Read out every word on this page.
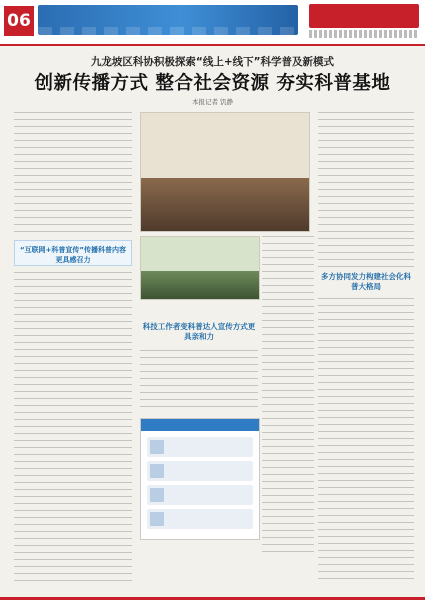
06
九龙坡区科协积极探索“线上+线下”科学普及新模式
创新传播方式 整合社会资源 夯实科普基地
本报记者 饥静
“互联网+科普宣传”传播科普内容更具感召力
科技工作者变科普达人宣传方式更具亲和力
多方协同发力构建社会化科普大格局
